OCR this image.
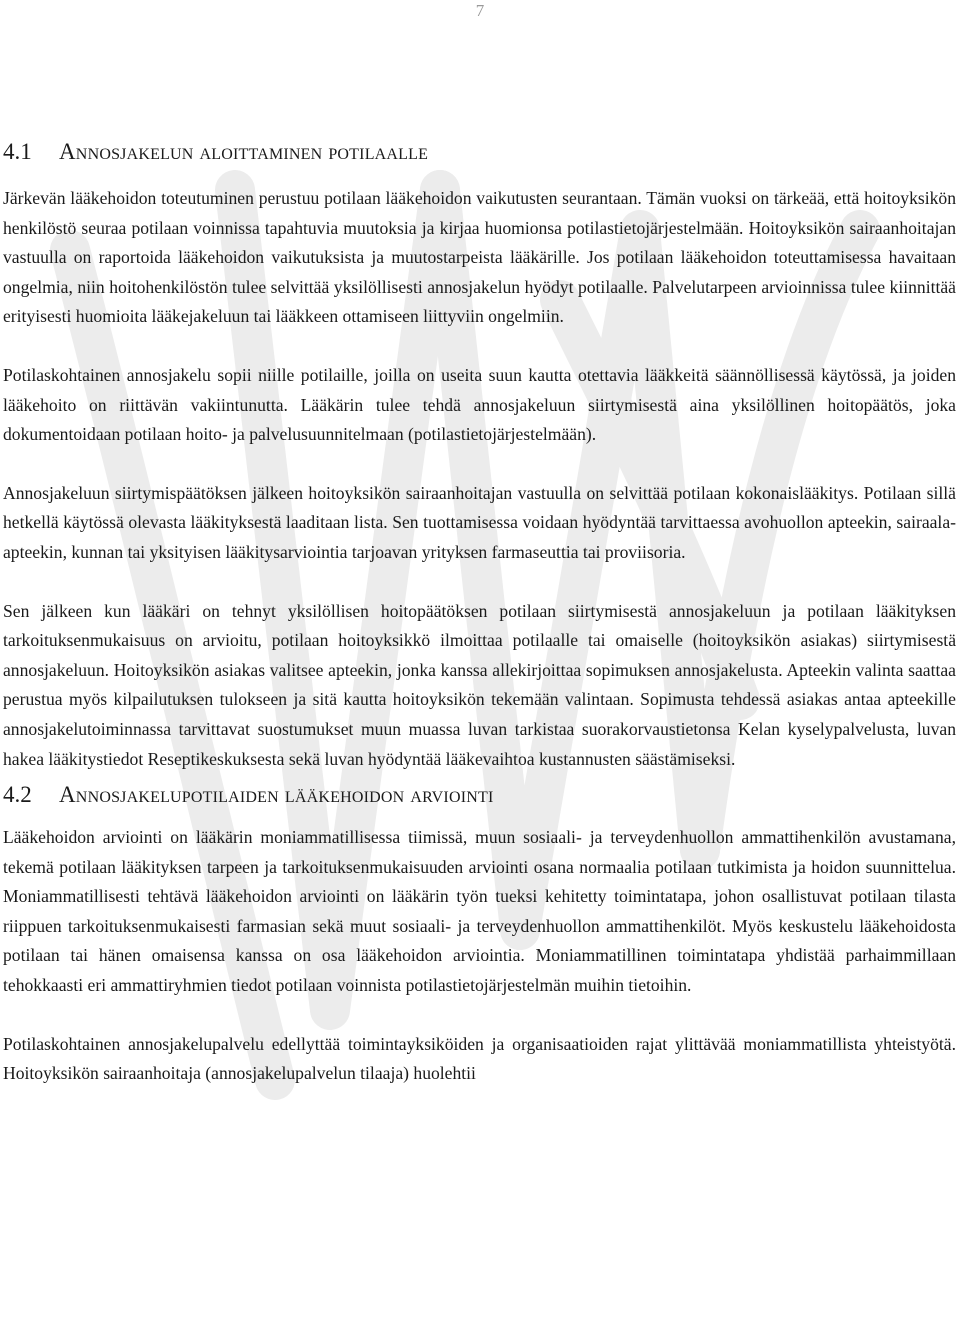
7
4.1 Annosjakelun aloittaminen potilaalle

Järkevän lääkehoidon toteutuminen perustuu potilaan lääkehoidon vaikutusten seurantaan. Tämän vuoksi on tärkeää, että hoitoyksikön henkilöstö seuraa potilaan voinnissa tapahtuvia muutoksia ja kirjaa huomionsa potilastietojärjestelmään. Hoitoyksikön sairaanhoitajan vastuulla on raportoida lääkehoidon vaikutuksista ja muutostarpeista lääkärille. Jos potilaan lääkehoidon toteuttamisessa havaitaan ongelmia, niin hoitohenkilöstön tulee selvittää yksilöllisesti annosjakelun hyödyt potilaalle. Palvelutarpeen arvioinnissa tulee kiinnittää erityisesti huomioita lääkejakeluun tai lääkkeen ottamiseen liittyviin ongelmiin.

Potilaskohtainen annosjakelu sopii niille potilaille, joilla on useita suun kautta otettavia lääkkeitä säännöllisessä käytössä, ja joiden lääkehoito on riittävän vakiintunutta. Lääkärin tulee tehdä annosjakeluun siirtymisestä aina yksilöllinen hoitopäätös, joka dokumentoidaan potilaan hoito- ja palvelusuunnitelmaan (potilastietojärjestelmään).

Annosjakeluun siirtymispäätöksen jälkeen hoitoyksikön sairaanhoitajan vastuulla on selvittää potilaan kokonaislääkitys. Potilaan sillä hetkellä käytössä olevasta lääkityksestä laaditaan lista. Sen tuottamisessa voidaan hyödyntää tarvittaessa avohuollon apteekin, sairaala-apteekin, kunnan tai yksityisen lääkitysarviointia tarjoavan yrityksen farmaseuttia tai proviisoria.

Sen jälkeen kun lääkäri on tehnyt yksilöllisen hoitopäätöksen potilaan siirtymisestä annosjakeluun ja potilaan lääkityksen tarkoituksenmukaisuus on arvioitu, potilaan hoitoyksikkö ilmoittaa potilaalle tai omaiselle (hoitoyksikön asiakas) siirtymisestä annosjakeluun. Hoitoyksikön asiakas valitsee apteekin, jonka kanssa allekirjoittaa sopimuksen annosjakelusta. Apteekin valinta saattaa perustua myös kilpailutuksen tulokseen ja sitä kautta hoitoyksikön tekemään valintaan. Sopimusta tehdessä asiakas antaa apteekille annosjakelutoiminnassa tarvittavat suostumukset muun muassa luvan tarkistaa suorakorvaustietonsa Kelan kyselypalvelusta, luvan hakea lääkitystiedot Reseptikeskuksesta sekä luvan hyödyntää lääkevaihtoa kustannusten säästämiseksi.

4.2 Annosjakelupotilaiden lääkehoidon arviointi

Lääkehoidon arviointi on lääkärin moniammatillisessa tiimissä, muun sosiaali- ja terveydenhuollon ammattihenkilön avustamana, tekemä potilaan lääkityksen tarpeen ja tarkoituksenmukaisuuden arviointi osana normaalia potilaan tutkimista ja hoidon suunnittelua. Moniammatillisesti tehtävä lääkehoidon arviointi on lääkärin työn tueksi kehitetty toimintatapa, johon osallistuvat potilaan tilasta riippuen tarkoituksenmukaisesti farmasian sekä muut sosiaali- ja terveydenhuollon ammattihenkilöt. Myös keskustelu lääkehoidosta potilaan tai hänen omaisensa kanssa on osa lääkehoidon arviointia. Moniammatillinen toimintatapa yhdistää parhaimmillaan tehokkaasti eri ammattiryhmien tiedot potilaan voinnista potilastietojärjestelmän muihin tietoihin.

Potilaskohtainen annosjakelupalvelu edellyttää toimintayksiköiden ja organisaatioiden rajat ylittävää moniammatillista yhteistyötä. Hoitoyksikön sairaanhoitaja (annosjakelupalvelun tilaaja) huolehtii
